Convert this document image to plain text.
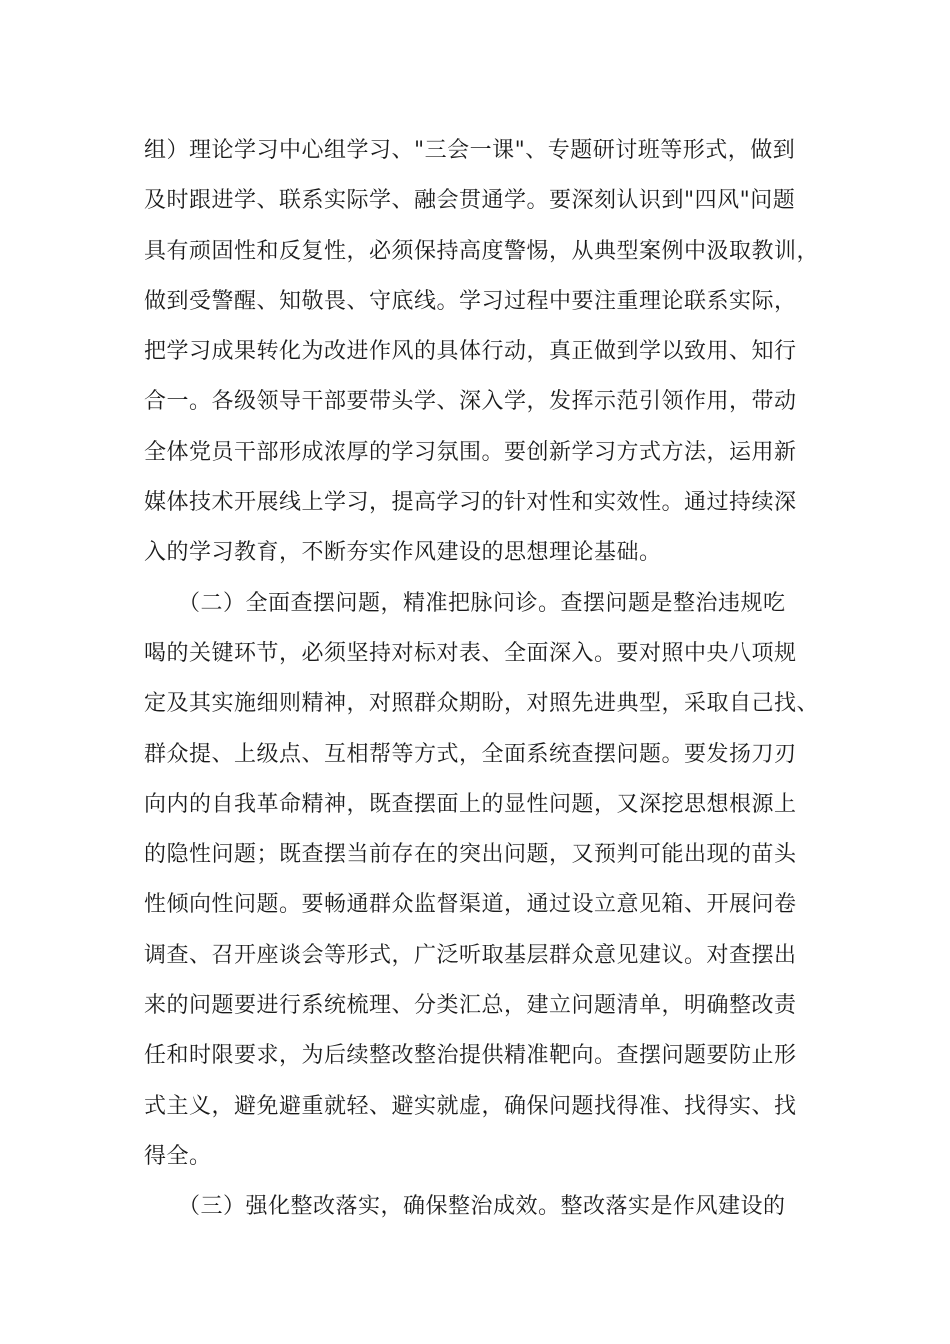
组）理论学习中心组学习、"三会一课"、专题研讨班等形式，做到
及时跟进学、联系实际学、融会贯通学。要深刻认识到"四风"问题
具有顽固性和反复性，必须保持高度警惕，从典型案例中汲取教训，
做到受警醒、知敬畏、守底线。学习过程中要注重理论联系实际，
把学习成果转化为改进作风的具体行动，真正做到学以致用、知行
合一。各级领导干部要带头学、深入学，发挥示范引领作用，带动
全体党员干部形成浓厚的学习氛围。要创新学习方式方法，运用新
媒体技术开展线上学习，提高学习的针对性和实效性。通过持续深
入的学习教育，不断夯实作风建设的思想理论基础。
　　（二）全面查摆问题，精准把脉问诊。查摆问题是整治违规吃
喝的关键环节，必须坚持对标对表、全面深入。要对照中央八项规
定及其实施细则精神，对照群众期盼，对照先进典型，采取自己找、
群众提、上级点、互相帮等方式，全面系统查摆问题。要发扬刀刃
向内的自我革命精神，既查摆面上的显性问题，又深挖思想根源上
的隐性问题；既查摆当前存在的突出问题，又预判可能出现的苗头
性倾向性问题。要畅通群众监督渠道，通过设立意见箱、开展问卷
调查、召开座谈会等形式，广泛听取基层群众意见建议。对查摆出
来的问题要进行系统梳理、分类汇总，建立问题清单，明确整改责
任和时限要求，为后续整改整治提供精准靶向。查摆问题要防止形
式主义，避免避重就轻、避实就虚，确保问题找得准、找得实、找
得全。
　　（三）强化整改落实，确保整治成效。整改落实是作风建设的
